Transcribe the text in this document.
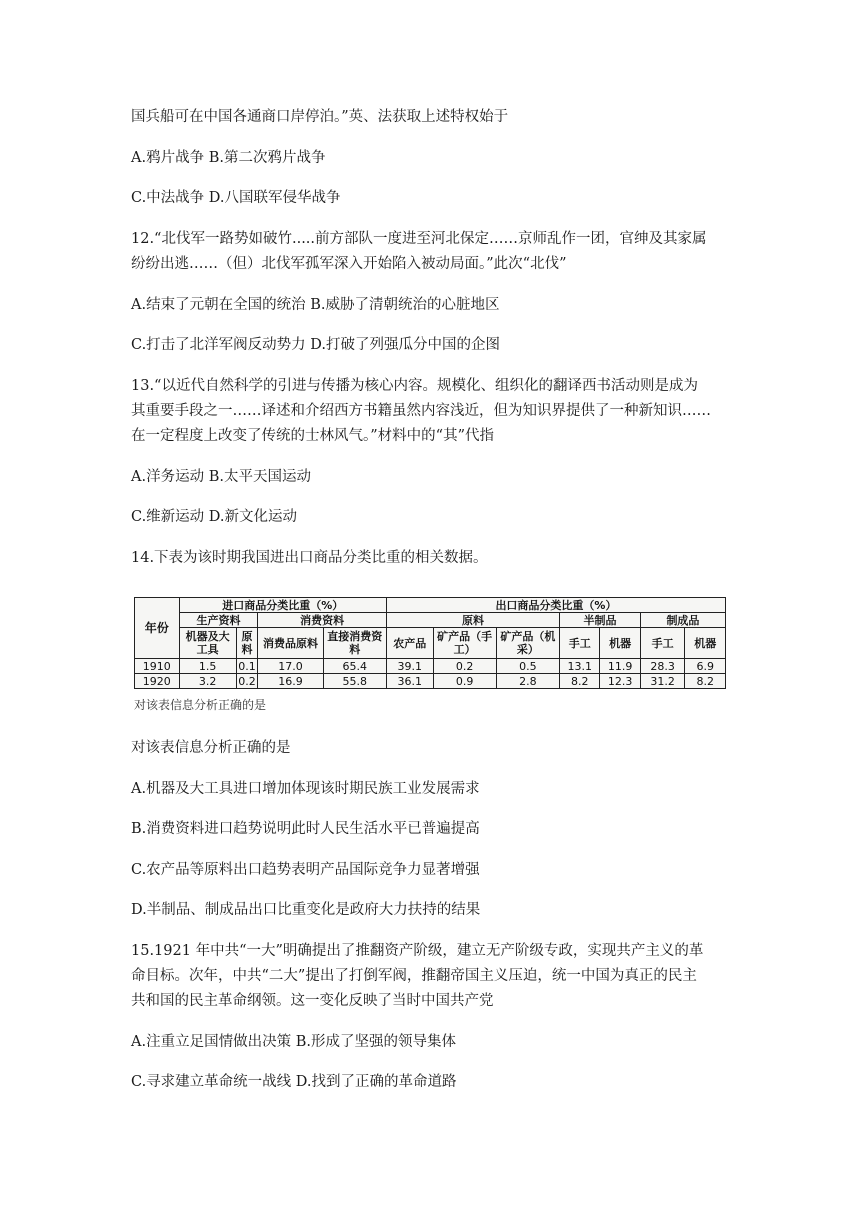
国兵船可在中国各通商口岸停泊。”英、法获取上述特权始于
A.鸦片战争 B.第二次鸦片战争
C.中法战争 D.八国联军侵华战争
12.“北伐军一路势如破竹.....前方部队一度进至河北保定……京师乱作一团，官绅及其家属
纷纷出逃……（但）北伐军孤军深入开始陷入被动局面。”此次“北伐”
A.结束了元朝在全国的统治 B.威胁了清朝统治的心脏地区
C.打击了北洋军阀反动势力 D.打破了列强瓜分中国的企图
13.“以近代自然科学的引进与传播为核心内容。规模化、组织化的翻译西书活动则是成为
其重要手段之一……译述和介绍西方书籍虽然内容浅近，但为知识界提供了一种新知识……
在一定程度上改变了传统的士林风气。”材料中的“其”代指
A.洋务运动 B.太平天国运动
C.维新运动 D.新文化运动
14.下表为该时期我国进出口商品分类比重的相关数据。
年份	进口商品分类比重（%）				出口商品分类比重（%）						
	生产资料		消费资料		原料			半制品		制成品	
	机器及大工具	原料	消费品原料	直接消费资料	农产品	矿产品（手工）	矿产品（机采）	手工	机器	手工	机器
1910	1.5	0.1	17.0	65.4	39.1	0.2	0.5	13.1	11.9	28.3	6.9
1920	3.2	0.2	16.9	55.8	36.1	0.9	2.8	8.2	12.3	31.2	8.2
对该表信息分析正确的是
对该表信息分析正确的是
A.机器及大工具进口增加体现该时期民族工业发展需求
B.消费资料进口趋势说明此时人民生活水平已普遍提高
C.农产品等原料出口趋势表明产品国际竞争力显著增强
D.半制品、制成品出口比重变化是政府大力扶持的结果
15.1921 年中共“一大”明确提出了推翻资产阶级，建立无产阶级专政，实现共产主义的革
命目标。次年，中共“二大”提出了打倒军阀，推翻帝国主义压迫，统一中国为真正的民主
共和国的民主革命纲领。这一变化反映了当时中国共产党
A.注重立足国情做出决策 B.形成了坚强的领导集体
C.寻求建立革命统一战线 D.找到了正确的革命道路
